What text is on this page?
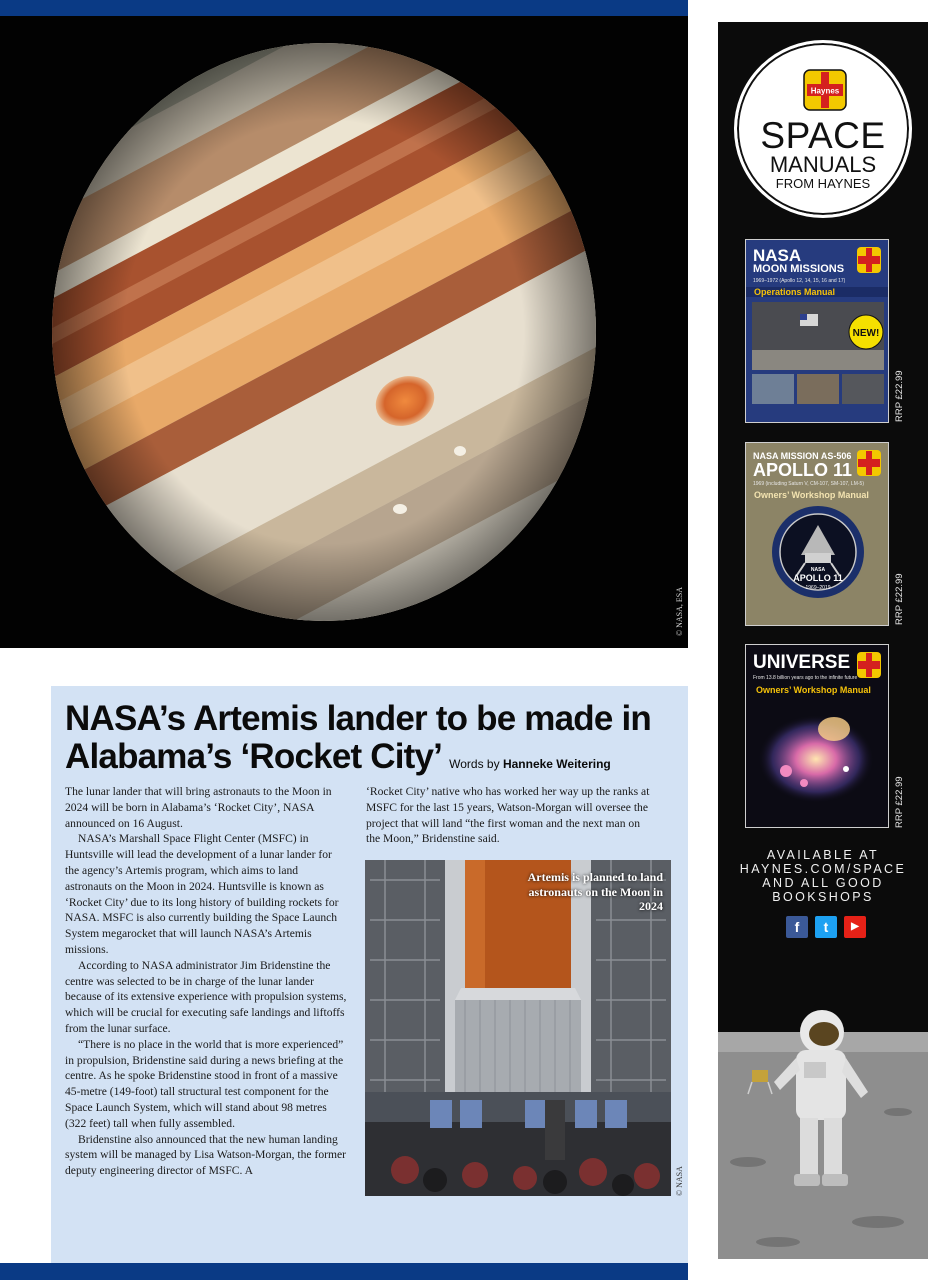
© NASA, ESA
NASA’s Artemis lander to be made in
Alabama’s ‘Rocket City’ Words by Hanneke Weitering

The lunar lander that will bring astronauts to the Moon in 2024 will be born in Alabama’s ‘Rocket City’, NASA announced on 16 August.

NASA’s Marshall Space Flight Center (MSFC) in Huntsville will lead the development of a lunar lander for the agency’s Artemis program, which aims to land astronauts on the Moon in 2024. Huntsville is known as ‘Rocket City’ due to its long history of building rockets for NASA. MSFC is also currently building the Space Launch System megarocket that will launch NASA’s Artemis missions.

According to NASA administrator Jim Bridenstine the centre was selected to be in charge of the lunar lander because of its extensive experience with propulsion systems, which will be crucial for executing safe landings and liftoffs from the lunar surface.

“There is no place in the world that is more experienced” in propulsion, Bridenstine said during a news briefing at the centre. As he spoke Bridenstine stood in front of a massive 45-metre (149-foot) tall structural test component for the Space Launch System, which will stand about 98 metres (322 feet) tall when fully assembled.

Bridenstine also announced that the new human landing system will be managed by Lisa Watson-Morgan, the former deputy engineering director of MSFC. A

‘Rocket City’ native who has worked her way up the ranks at MSFC for the last 15 years, Watson-Morgan will oversee the project that will land “the first woman and the next man on the Moon,” Bridenstine said.

Artemis is planned to land astronauts on the Moon in 2024
© NASA
Haynes
SPACE
MANUALS
FROM HAYNES
NASA
MOON MISSIONS
1969–1972 (Apollo 12, 14, 15, 16 and 17)
Operations Manual
NEW!
RRP £22.99
NASA MISSION AS-506
APOLLO 11
1969 (including Saturn V, CM-107, SM-107, LM-5)
Owners’ Workshop Manual
NASA
APOLLO 11
1969–2019	RRP £22.99
UNIVERSE
From 13.8 billion years ago to the infinite future
Owners’ Workshop Manual
RRP £22.99
AVAILABLE AT
HAYNES.COM/SPACE
AND ALL GOOD
BOOKSHOPS
f	t	▶
